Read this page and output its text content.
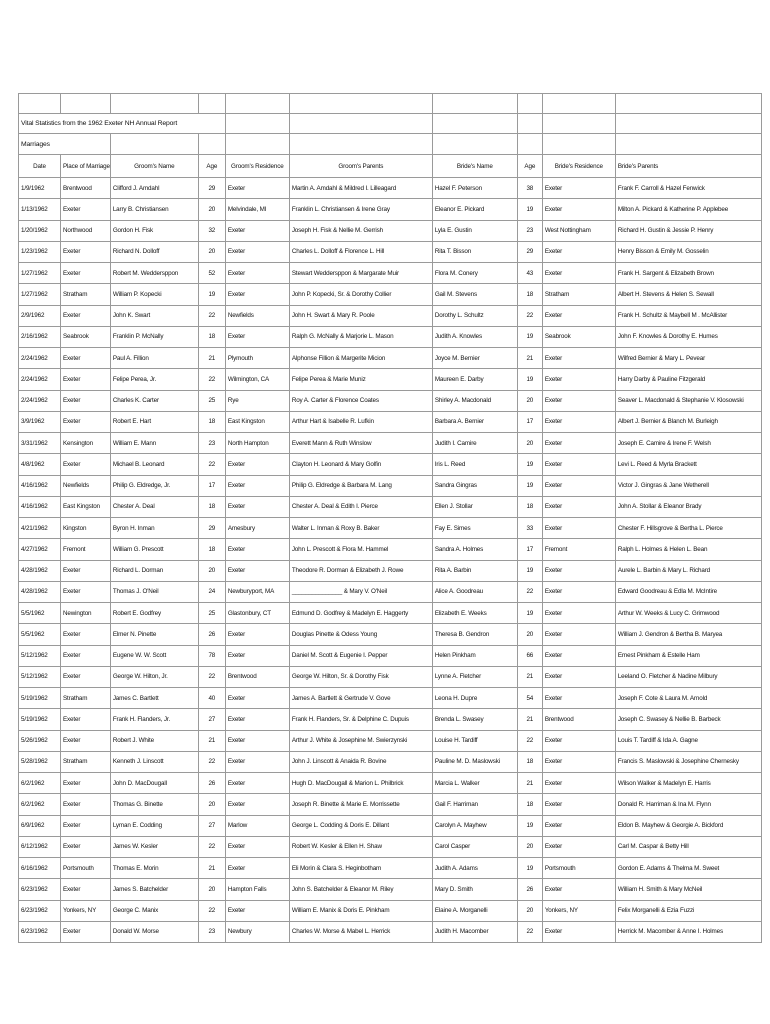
Vital Statistics from the 1962 Exeter NH Annual Report									
Marriages									
Date	Place of Marriage	Groom's Name	Age	Groom's Residence	Groom's Parents	Bride's Name	Age	Bride's Residence	Bride's Parents
1/9/1962	Brentwood	Clifford J. Amdahl	29	Exeter	Martin A. Amdahl & Mildred I. Lilleagard	Hazel F. Peterson	38	Exeter	Frank F. Carroll & Hazel Fenwick
1/13/1962	Exeter	Larry B. Christiansen	20	Melvindale, MI	Franklin L. Christiansen & Irene Gray	Eleanor E. Pickard	19	Exeter	Milton A. Pickard & Katherine P. Applebee
1/20/1962	Northwood	Gordon H. Fisk	32	Exeter	Joseph H. Fisk & Nellie M. Gerrish	Lyla E. Gustin	23	West Nottingham	Richard H. Gustin & Jessie P. Henry
1/23/1962	Exeter	Richard N. Dolloff	20	Exeter	Charles L. Dolloff & Florence L. Hill	Rita T. Bisson	29	Exeter	Henry Bisson & Emily M. Gosselin
1/27/1962	Exeter	Robert M. Weddersppon	52	Exeter	Stewart Weddersppon & Margarate Muir	Flora M. Conery	43	Exeter	Frank H. Sargent & Elizabeth Brown
1/27/1962	Stratham	William P. Kopecki	19	Exeter	John P. Kopecki, Sr. & Dorothy Collier	Gail M. Stevens	18	Stratham	Albert H. Stevens & Helen S. Sewall
2/9/1962	Exeter	John K. Swart	22	Newfields	John H. Swart & Mary R. Poole	Dorothy L. Schultz	22	Exeter	Frank H. Schultz & Maybell M . McAllister
2/16/1962	Seabrook	Franklin P. McNally	18	Exeter	Ralph G. McNally & Marjorie L. Mason	Judith A. Knowles	19	Seabrook	John F. Knowles & Dorothy E. Humes
2/24/1962	Exeter	Paul A. Fillion	21	Plymouth	Alphonse Fillion & Margerite Micion	Joyce M. Bernier	21	Exeter	Wilfred Bernier & Mary L. Pevear
2/24/1962	Exeter	Felipe Perea, Jr.	22	Wilmington, CA	Felipe Perea & Marie Muniz	Maureen E. Darby	19	Exeter	Harry Darby & Pauline Fitzgerald
2/24/1962	Exeter	Charles K. Carter	25	Rye	Roy A. Carter & Florence Coates	Shirley A. Macdonald	20	Exeter	Seaver L. Macdonald & Stephanie V. Klosowski
3/9/1962	Exeter	Robert E. Hart	18	East Kingston	Arthur Hart & Isabelle R. Lufkin	Barbara A. Bernier	17	Exeter	Albert J. Bernier & Blanch M. Burleigh
3/31/1962	Kensington	William E. Mann	23	North Hampton	Everett Mann & Ruth Winslow	Judith I. Camire	20	Exeter	Joseph E. Camire & Irene F. Welsh
4/8/1962	Exeter	Michael B. Leonard	22	Exeter	Clayton H. Leonard & Mary Golfin	Iris L. Reed	19	Exeter	Levi L. Reed & Myrla Brackett
4/16/1962	Newfields	Philip G. Eldredge, Jr.	17	Exeter	Philip G. Eldredge & Barbara M. Lang	Sandra Gingras	19	Exeter	Victor J. Gingras & Jane Wetherell
4/16/1962	East Kingston	Chester A. Deal	18	Exeter	Chester A. Deal & Edith I. Pierce	Ellen J. Stollar	18	Exeter	John A. Stollar & Eleanor Brady
4/21/1962	Kingston	Byron H. Inman	29	Amesbury	Walter L. Inman & Roxy B. Baker	Fay E. Simes	33	Exeter	Chester F. Hillsgrove & Bertha L. Pierce
4/27/1962	Fremont	William G. Prescott	18	Exeter	John L. Prescott & Flora M. Hammel	Sandra A. Holmes	17	Fremont	Ralph L. Holmes & Helen L. Bean
4/28/1962	Exeter	Richard L. Dorman	20	Exeter	Theodore R. Dorman & Elizabeth J. Rowe	Rita A. Barbin	19	Exeter	Aurele L. Barbin & Mary L. Richard
4/28/1962	Exeter	Thomas J. O'Neil	24	Newburyport, MA	_______________ & Mary V. O'Neil	Alice A. Goodreau	22	Exeter	Edward Goodreau & Edla M. McIntire
5/5/1962	Newington	Robert E. Godfrey	25	Glastonbury, CT	Edmund D. Godfrey & Madelyn E. Haggerty	Elizabeth E. Weeks	19	Exeter	Arthur W. Weeks & Lucy C. Grimwood
5/5/1962	Exeter	Elmer N. Pinette	26	Exeter	Douglas Pinette & Odess Young	Theresa B. Gendron	20	Exeter	William J. Gendron & Bertha B. Maryea
5/12/1962	Exeter	Eugene W. W. Scott	78	Exeter	Daniel M. Scott & Eugenie I. Pepper	Helen Pinkham	66	Exeter	Ernest Pinkham & Estelle Ham
5/12/1962	Exeter	George W. Hilton, Jr.	22	Brentwood	George W. Hilton, Sr. & Dorothy Fisk	Lynne A. Fletcher	21	Exeter	Leeland O. Fletcher & Nadine Milbury
5/19/1962	Stratham	James C. Bartlett	40	Exeter	James A. Bartlett & Gertrude V. Gove	Leona H. Dupre	54	Exeter	Joseph F. Cote & Laura M. Arnold
5/19/1962	Exeter	Frank H. Flanders, Jr.	27	Exeter	Frank H. Flanders, Sr. & Delphine C. Dupuis	Brenda L. Swasey	21	Brentwood	Joseph C. Swasey & Nellie B. Barbeck
5/26/1962	Exeter	Robert J. White	21	Exeter	Arthur J. White & Josephine M. Swierzynski	Louise H. Tardiff	22	Exeter	Louis T. Tardiff & Ida A. Gagne
5/28/1962	Stratham	Kenneth J. Linscott	22	Exeter	John J. Linscott & Anaida R. Bovine	Pauline M. D. Maslowski	18	Exeter	Francis S. Maslowski & Josephine Chernesky
6/2/1962	Exeter	John D. MacDougall	26	Exeter	Hugh D. MacDougall & Marion L. Philbrick	Marcia L. Walker	21	Exeter	Wilson Walker & Madelyn E. Harris
6/2/1962	Exeter	Thomas G. Binette	20	Exeter	Joseph R. Binette & Marie E. Morrissette	Gail F. Harriman	18	Exeter	Donald R. Harriman & Ina M. Flynn
6/9/1962	Exeter	Lyman E. Codding	27	Marlow	George L. Codding & Doris E. Dillant	Carolyn A. Mayhew	19	Exeter	Eldon B. Mayhew & Georgie A. Bickford
6/12/1962	Exeter	James W. Kesler	22	Exeter	Robert W. Kesler & Ellen H. Shaw	Carol Casper	20	Exeter	Carl M. Caspar & Betty Hill
6/16/1962	Portsmouth	Thomas E. Morin	21	Exeter	Eli Morin & Clara S. Heginbotham	Judith A. Adams	19	Portsmouth	Gordon E. Adams & Thelma M. Sweet
6/23/1962	Exeter	James S. Batchelder	20	Hampton Falls	John S. Batchelder & Eleanor M. Riley	Mary D. Smith	26	Exeter	William H. Smith & Mary McNeil
6/23/1962	Yonkers, NY	George C. Manix	22	Exeter	William E. Manix & Doris E. Pinkham	Elaine A. Morganelli	20	Yonkers, NY	Felix Morganelli & Ezia Fuzzi
6/23/1962	Exeter	Donald W. Morse	23	Newbury	Charles W. Morse & Mabel L. Herrick	Judith H. Macomber	22	Exeter	Herrick M. Macomber & Anne I. Holmes
